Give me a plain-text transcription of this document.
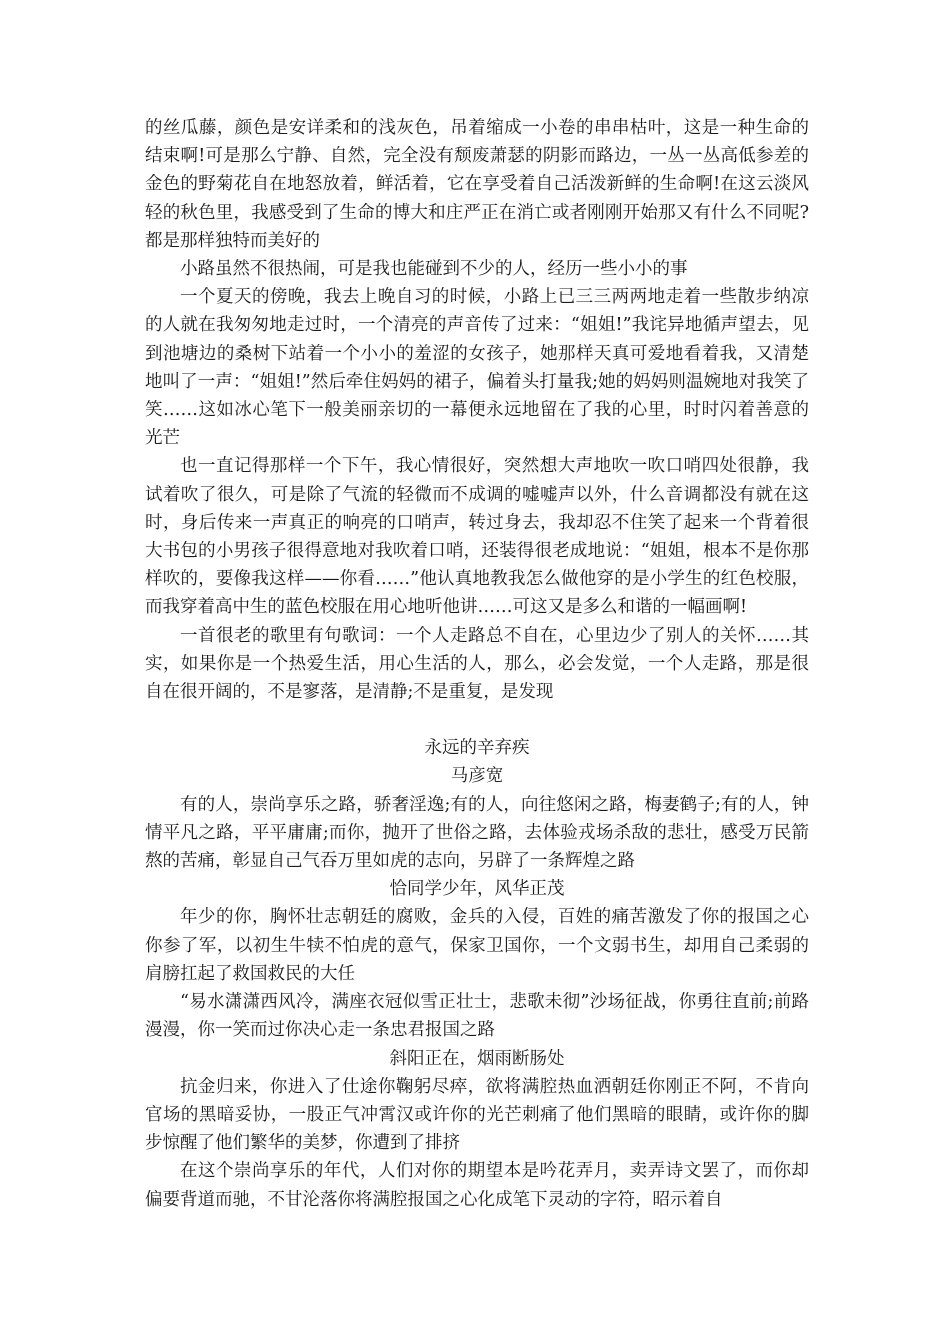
的丝瓜藤，颜色是安详柔和的浅灰色，吊着缩成一小卷的串串枯叶，这是一种生命的结束啊!可是那么宁静、自然，完全没有颓废萧瑟的阴影而路边，一丛一丛高低参差的金色的野菊花自在地怒放着，鲜活着，它在享受着自己活泼新鲜的生命啊!在这云淡风轻的秋色里，我感受到了生命的博大和庄严正在消亡或者刚刚开始那又有什么不同呢?都是那样独特而美好的

小路虽然不很热闹，可是我也能碰到不少的人，经历一些小小的事

一个夏天的傍晚，我去上晚自习的时候，小路上已三三两两地走着一些散步纳凉的人就在我匆匆地走过时，一个清亮的声音传了过来：“姐姐!”我诧异地循声望去，见到池塘边的桑树下站着一个小小的羞涩的女孩子，她那样天真可爱地看着我，又清楚地叫了一声：“姐姐!”然后牵住妈妈的裙子，偏着头打量我;她的妈妈则温婉地对我笑了笑……这如冰心笔下一般美丽亲切的一幕便永远地留在了我的心里，时时闪着善意的光芒

也一直记得那样一个下午，我心情很好，突然想大声地吹一吹口哨四处很静，我试着吹了很久，可是除了气流的轻微而不成调的嘘嘘声以外，什么音调都没有就在这时，身后传来一声真正的响亮的口哨声，转过身去，我却忍不住笑了起来一个背着很大书包的小男孩子很得意地对我吹着口哨，还装得很老成地说：“姐姐，根本不是你那样吹的，要像我这样——你看……”他认真地教我怎么做他穿的是小学生的红色校服，而我穿着高中生的蓝色校服在用心地听他讲……可这又是多么和谐的一幅画啊!

一首很老的歌里有句歌词：一个人走路总不自在，心里边少了别人的关怀……其实，如果你是一个热爱生活，用心生活的人，那么，必会发觉，一个人走路，那是很自在很开阔的，不是寥落，是清静;不是重复，是发现

永远的辛弃疾

马彦宽

有的人，崇尚享乐之路，骄奢淫逸;有的人，向往悠闲之路，梅妻鹤子;有的人，钟情平凡之路，平平庸庸;而你，抛开了世俗之路，去体验戎场杀敌的悲壮，感受万民箭熬的苦痛，彰显自己气吞万里如虎的志向，另辟了一条辉煌之路

恰同学少年，风华正茂

年少的你，胸怀壮志朝廷的腐败，金兵的入侵，百姓的痛苦激发了你的报国之心你参了军，以初生牛犊不怕虎的意气，保家卫国你，一个文弱书生，却用自己柔弱的肩膀扛起了救国救民的大任

“易水潇潇西风冷，满座衣冠似雪正壮士，悲歌未彻”沙场征战，你勇往直前;前路漫漫，你一笑而过你决心走一条忠君报国之路

斜阳正在，烟雨断肠处

抗金归来，你进入了仕途你鞠躬尽瘁，欲将满腔热血洒朝廷你刚正不阿，不肯向官场的黑暗妥协，一股正气冲霄汉或许你的光芒刺痛了他们黑暗的眼睛，或许你的脚步惊醒了他们繁华的美梦，你遭到了排挤

在这个崇尚享乐的年代，人们对你的期望本是吟花弄月，卖弄诗文罢了，而你却偏要背道而驰，不甘沦落你将满腔报国之心化成笔下灵动的字符，昭示着自
